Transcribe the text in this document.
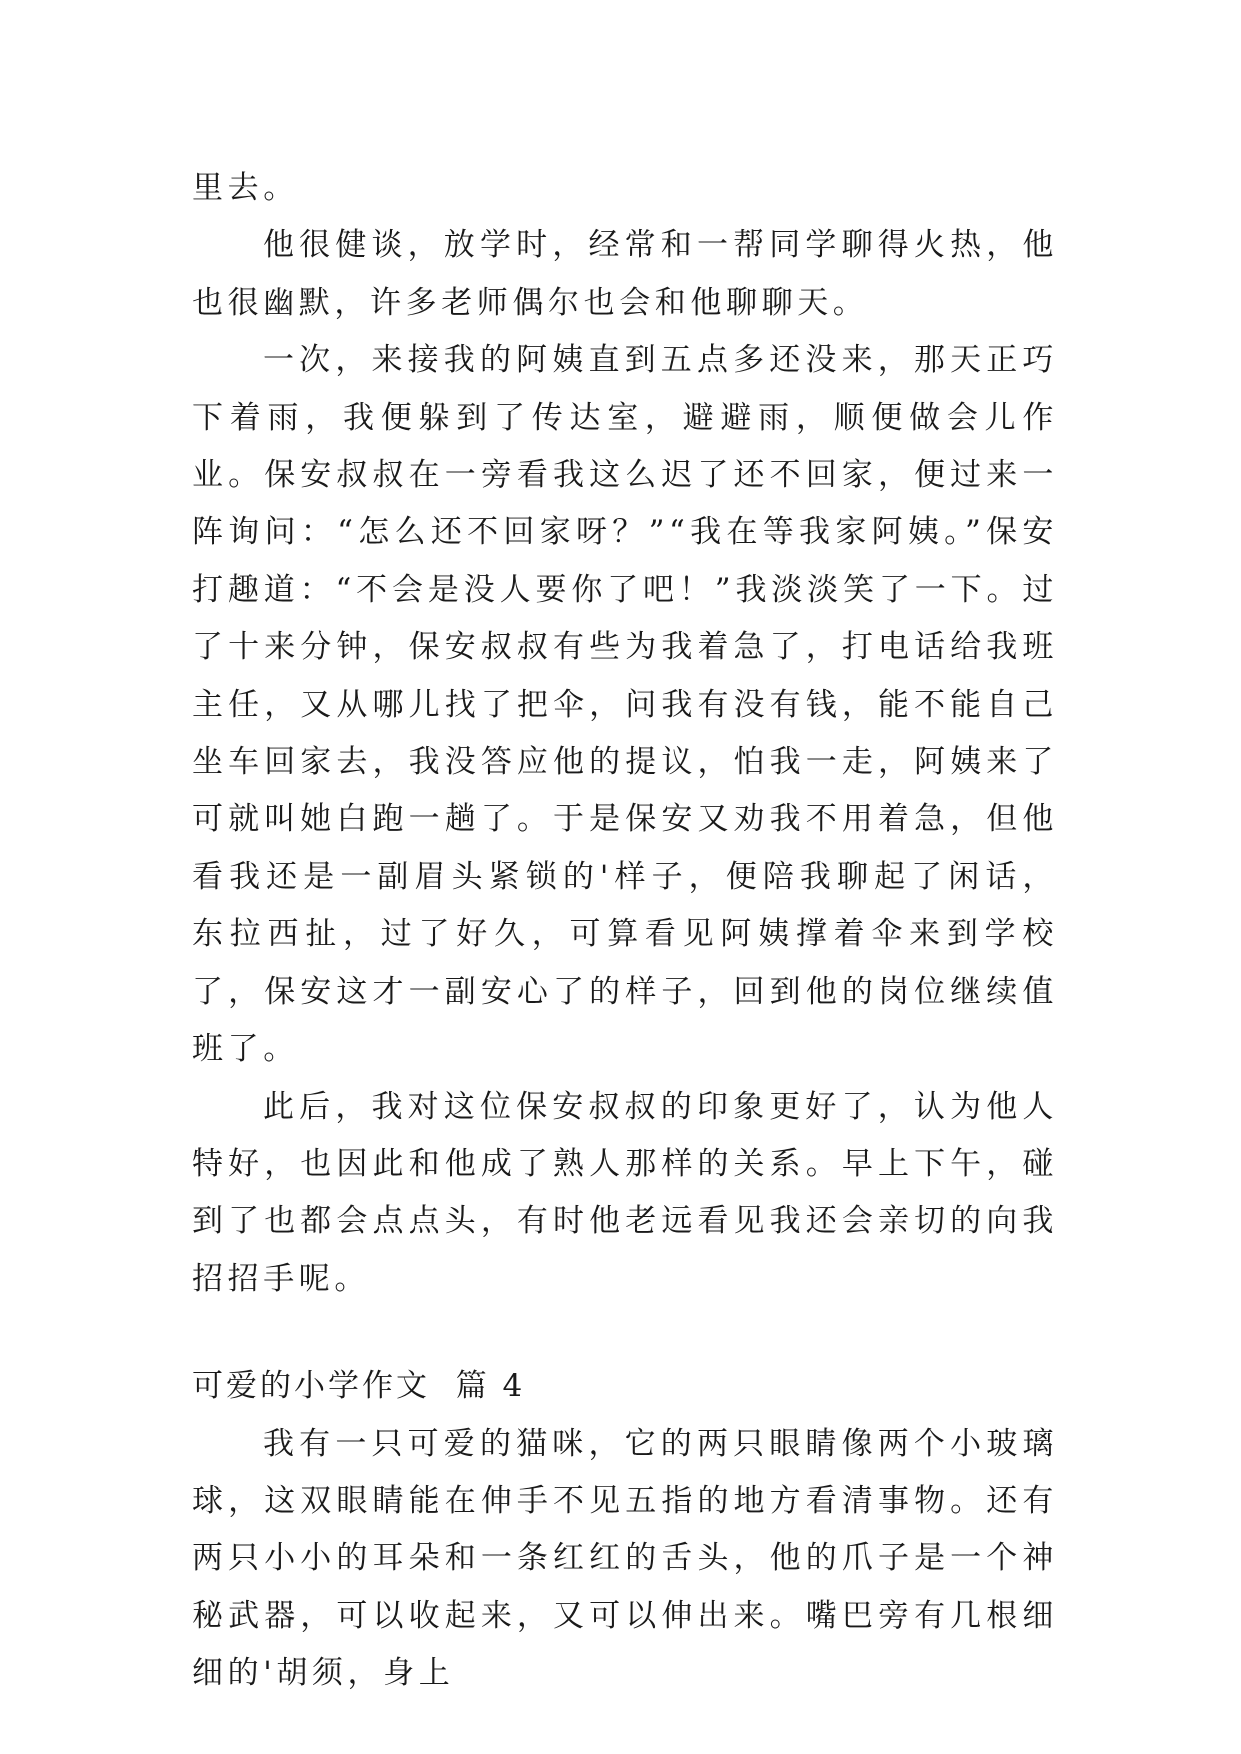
里去。

他很健谈，放学时，经常和一帮同学聊得火热，他也很幽默，许多老师偶尔也会和他聊聊天。

一次，来接我的阿姨直到五点多还没来，那天正巧下着雨，我便躲到了传达室，避避雨，顺便做会儿作业。保安叔叔在一旁看我这么迟了还不回家，便过来一阵询问：“怎么还不回家呀？”“我在等我家阿姨。”保安打趣道：“不会是没人要你了吧！”我淡淡笑了一下。过了十来分钟，保安叔叔有些为我着急了，打电话给我班主任，又从哪儿找了把伞，问我有没有钱，能不能自己坐车回家去，我没答应他的提议，怕我一走，阿姨来了可就叫她白跑一趟了。于是保安又劝我不用着急，但他看我还是一副眉头紧锁的'样子，便陪我聊起了闲话，东拉西扯，过了好久，可算看见阿姨撑着伞来到学校了，保安这才一副安心了的样子，回到他的岗位继续值班了。

此后，我对这位保安叔叔的印象更好了，认为他人特好，也因此和他成了熟人那样的关系。早上下午，碰到了也都会点点头，有时他老远看见我还会亲切的向我招招手呢。

可爱的小学作文  篇 4

我有一只可爱的猫咪，它的两只眼睛像两个小玻璃球，这双眼睛能在伸手不见五指的地方看清事物。还有两只小小的耳朵和一条红红的舌头，他的爪子是一个神秘武器，可以收起来，又可以伸出来。嘴巴旁有几根细细的'胡须，身上
